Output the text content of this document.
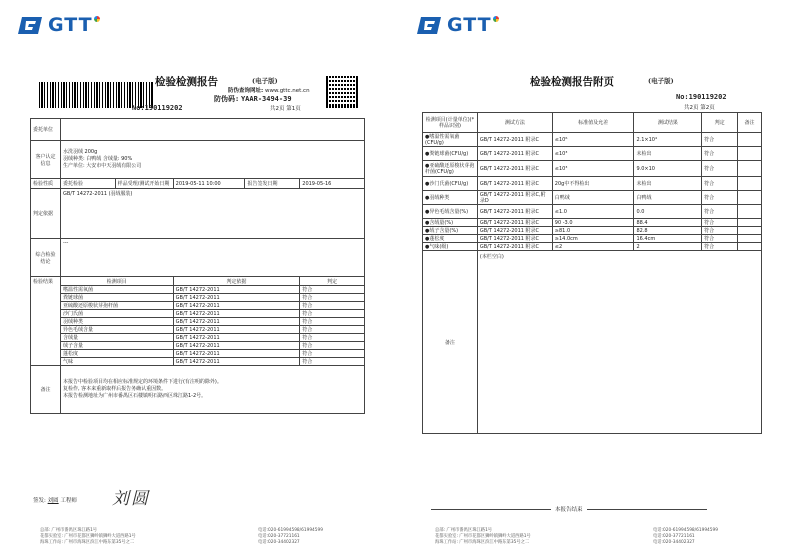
GTT
检验检测报告	(电子版)
防伪查询网址: www.gttc.net.cn
防伪码: YAAR-3494-39
共2页 第1页
No:190119202
委托单位					
客户认定信息	水洗羽绒 200g
羽绒种类: 白鸭绒 含绒量: 90%
生产单位: 大安市中天羽绒有限公司				

检验性质	委托检验	样品受理/测试开始日期	2019-05-11 10:00	报告签发日期	2019-05-16
判定依据	GB/T 14272-2011 (羽绒服装)				
综合检验结论	---				
检验结果	检测项目		判定依据		判定
	嗜温性需氧菌		GB/T 14272-2011		符合
	粪链球菌		GB/T 14272-2011		符合
	亚硫酸还原梭状芽孢杆菌		GB/T 14272-2011		符合
	沙门氏菌		GB/T 14272-2011		符合
	羽绒种类		GB/T 14272-2011		符合
	异色毛绒含量		GB/T 14272-2011		符合
	含绒量		GB/T 14272-2011		符合
	绒子含量		GB/T 14272-2011		符合
	蓬松度		GB/T 14272-2011		符合
	气味		GB/T 14272-2011		符合
备注	本报告中检验项目均在相应标准规定的环境条件下进行(有注明的除外)。
复检作, 客本来重新取样后报告务确认重因数。
本报告检测地址为广州市番禺区石楼镇明石路西区珠江路1-2号。				
签发: 刘圆 工程师 刘圆
总部: 广州市番禺区珠江路1号
花都实验室: 广州市花都区狮岭镇狮岭大道西路1号
海珠工作站: 广州市海珠区滨江中路东第35号之二
电话:020-61994598/61994599
电话:020-37721161
电话:020-34402327
GTT
检验检测报告附页	(电子版)
No:190119202
共2页 第2页
检测项目(计量单位)(*样品识别)	测试方法	标准值及允差	测试结果	判定	备注
●嗜温性需氧菌(CFU/g)	GB/T 14272-2011 附录C	≤10⁶	2.1×10⁴	符合	
●粪链球菌(CFU/g)	GB/T 14272-2011 附录C	≤10³	未检出	符合	
●亚硫酸还原梭状芽孢杆菌(CFU/g)	GB/T 14272-2011 附录C	≤10³	9.0×10	符合	
●沙门氏菌(CFU/g)	GB/T 14272-2011 附录C	20g中不得检出	未检出	符合	
●羽绒种类	GB/T 14272-2011 附录C,附录D	白鸭绒	白鸭绒	符合	
●异色毛绒含量(%)	GB/T 14272-2011 附录C	≤1.0	0.0	符合	
●含绒量(%)	GB/T 14272-2011 附录C	90 -3.0	88.4	符合	
●绒子含量(%)	GB/T 14272-2011 附录C	≥81.0	82.8	符合	
●蓬松度	GB/T 14272-2011 附录C	≥14.0cm	16.4cm	符合	
●气味(级)	GB/T 14272-2011 附录C	≤2	2	符合	
备注	(本栏空白)				
本报告结束
总部: 广州市番禺区珠江路1号
花都实验室: 广州市花都区狮岭镇狮岭大道西路1号
海珠工作站: 广州市海珠区滨江中路东第35号之二
电话:020-61994598/61994599
电话:020-37721161
电话:020-34402327
